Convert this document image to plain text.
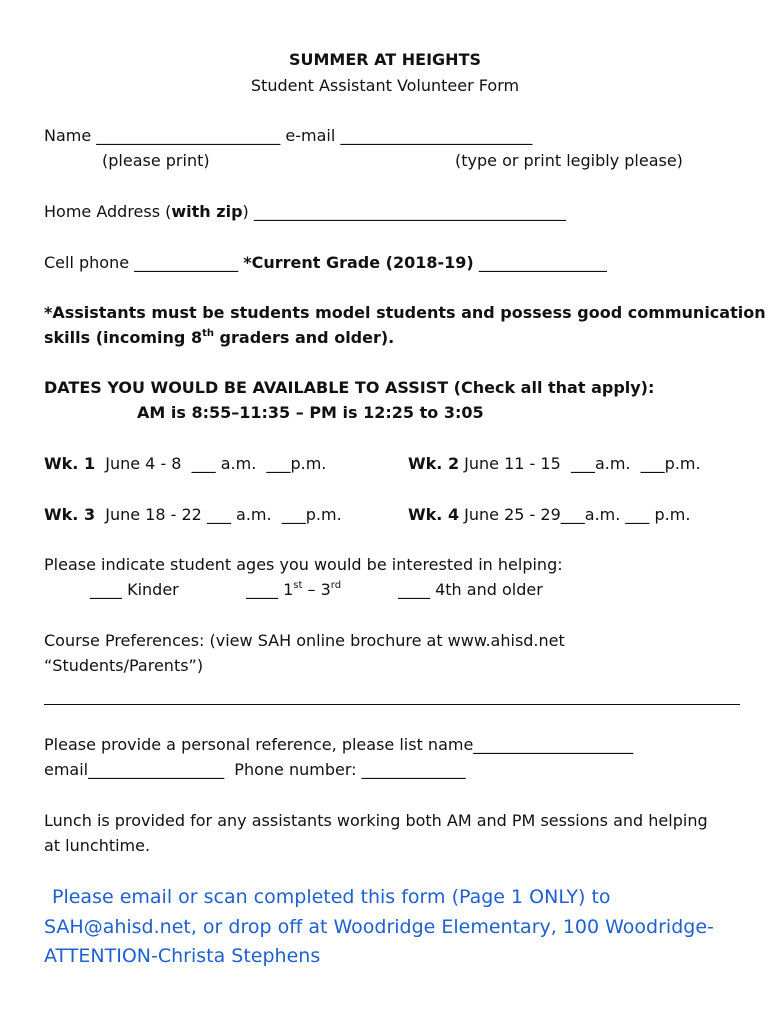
SUMMER AT HEIGHTS
Student Assistant Volunteer Form
Name _______________________ e-mail ________________________
(please print)	(type or print legibly please)
Home Address (with zip) _______________________________________
Cell phone _____________ *Current Grade (2018-19) ________________
*Assistants must be students model students and possess good communication
skills (incoming 8th graders and older).
DATES YOU WOULD BE AVAILABLE TO ASSIST (Check all that apply):
AM is 8:55–11:35 – PM is 12:25 to 3:05
Wk. 1 June 4 - 8 ___ a.m.  ___p.m.	Wk. 2 June 11 - 15 ___a.m.  ___p.m.
Wk. 3 June 18 - 22 ___ a.m.  ___p.m.	Wk. 4 June 25 - 29___a.m. ___ p.m.
Please indicate student ages you would be interested in helping:
____ Kinder	____ 1st – 3rd	____ 4th and older
Course Preferences: (view SAH online brochure at www.ahisd.net
“Students/Parents”)
Please provide a personal reference, please list name____________________
email_________________  Phone number: _____________
Lunch is provided for any assistants working both AM and PM sessions and helping
at lunchtime.
Please email or scan completed this form (Page 1 ONLY) to
SAH@ahisd.net, or drop off at Woodridge Elementary, 100 Woodridge-
ATTENTION-Christa Stephens
